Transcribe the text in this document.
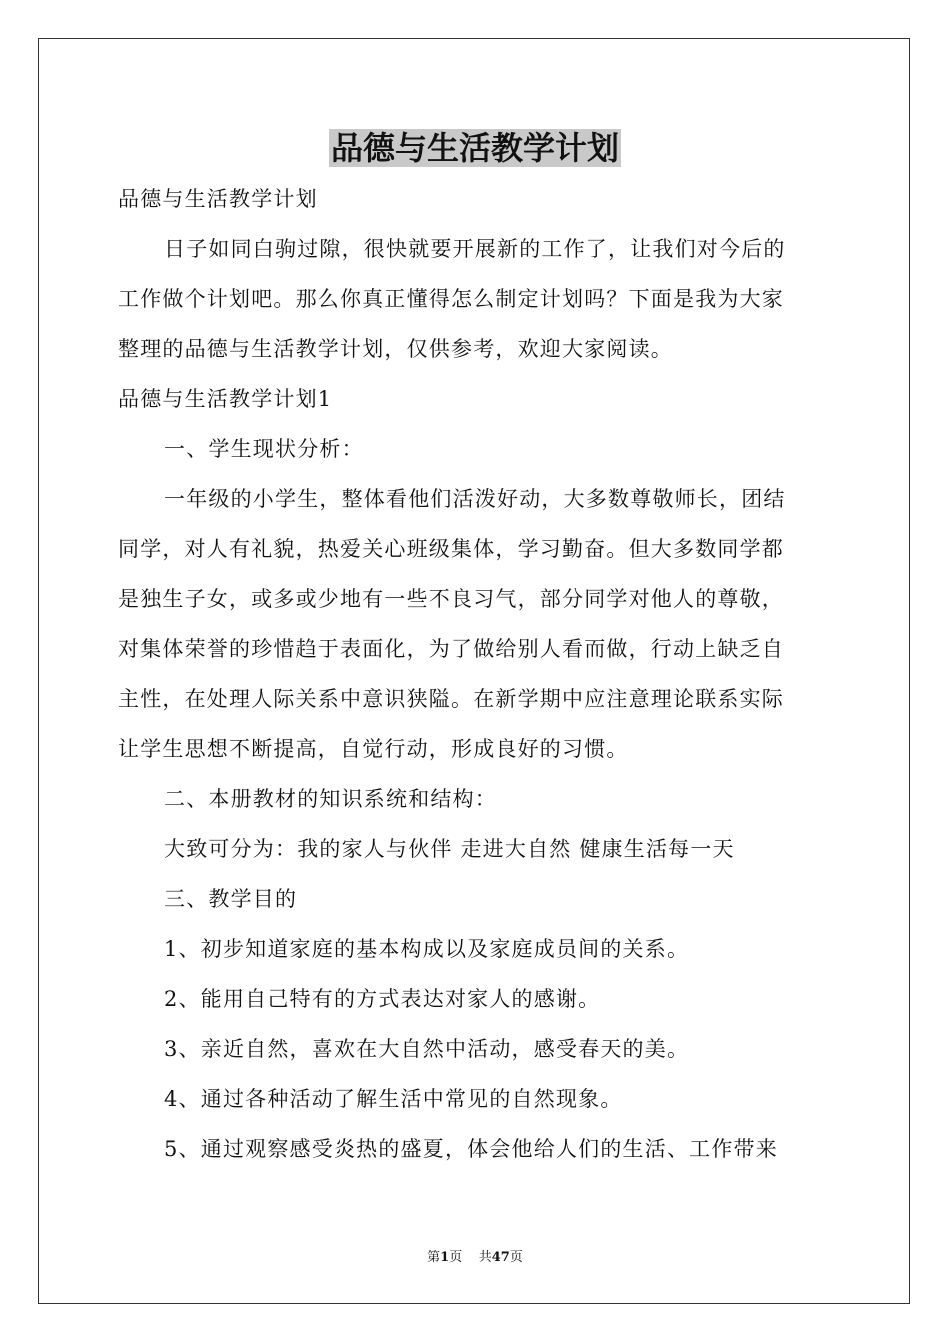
品德与生活教学计划
品德与生活教学计划
日子如同白驹过隙，很快就要开展新的工作了，让我们对今后的
工作做个计划吧。那么你真正懂得怎么制定计划吗？下面是我为大家
整理的品德与生活教学计划，仅供参考，欢迎大家阅读。
品德与生活教学计划1
一、学生现状分析：
一年级的小学生，整体看他们活泼好动，大多数尊敬师长，团结
同学，对人有礼貌，热爱关心班级集体，学习勤奋。但大多数同学都
是独生子女，或多或少地有一些不良习气，部分同学对他人的尊敬，
对集体荣誉的珍惜趋于表面化，为了做给别人看而做，行动上缺乏自
主性，在处理人际关系中意识狭隘。在新学期中应注意理论联系实际
让学生思想不断提高，自觉行动，形成良好的习惯。
二、本册教材的知识系统和结构：
大致可分为：我的家人与伙伴 走进大自然 健康生活每一天
三、教学目的
1、初步知道家庭的基本构成以及家庭成员间的关系。
2、能用自己特有的方式表达对家人的感谢。
3、亲近自然，喜欢在大自然中活动，感受春天的美。
4、通过各种活动了解生活中常见的自然现象。
5、通过观察感受炎热的盛夏，体会他给人们的生活、工作带来
第1页 共47页
